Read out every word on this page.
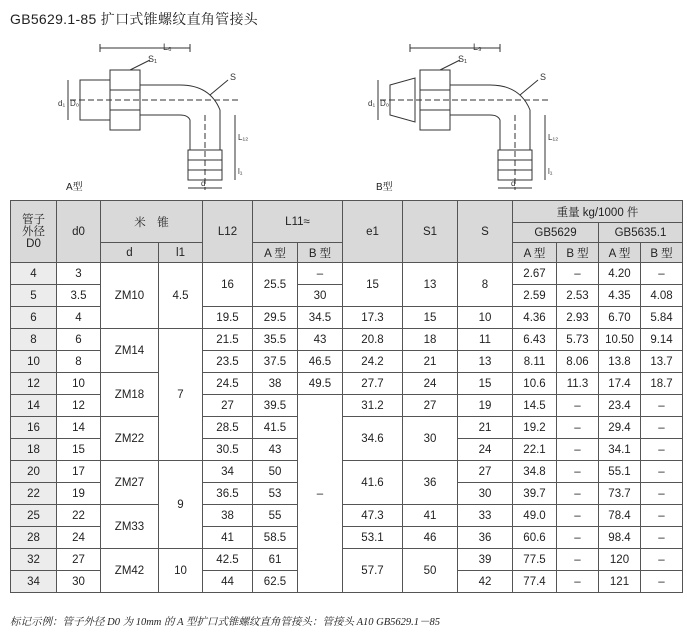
GB5629.1-85 扩口式锥螺纹直角管接头
L₆
S₁
S
d₁ D₀
L₁₂
l₁
d
A型
L₉
S₁
S
d₁ D₀
L₁₂
l₁
d
B型
管子外径D0	d0	米　锥		L12	L11≈		e1	S1	S	重量 kg/1000 件			
										GB5629		GB5635.1	
		d	l1		A 型	B 型				A 型	B 型	A 型	B 型
4	3	ZM10	4.5	16	25.5	–	15	13	8	2.67	–	4.20	–
5	3.5					30				2.59	2.53	4.35	4.08
6	4			19.5	29.5	34.5	17.3	15	10	4.36	2.93	6.70	5.84
8	6	ZM14	7	21.5	35.5	43	20.8	18	11	6.43	5.73	10.50	9.14
10	8			23.5	37.5	46.5	24.2	21	13	8.11	8.06	13.8	13.7
12	10	ZM18		24.5	38	49.5	27.7	24	15	10.6	11.3	17.4	18.7
14	12			27	39.5	–	31.2	27	19	14.5	–	23.4	–
16	14	ZM22		28.5	41.5		34.6	30	21	19.2	–	29.4	–
18	15			30.5	43				24	22.1	–	34.1	–
20	17	ZM27	9	34	50		41.6	36	27	34.8	–	55.1	–
22	19			36.5	53				30	39.7	–	73.7	–
25	22	ZM33		38	55		47.3	41	33	49.0	–	78.4	–
28	24			41	58.5		53.1	46	36	60.6	–	98.4	–
32	27	ZM42	10	42.5	61		57.7	50	39	77.5	–	120	–
34	30			44	62.5				42	77.4	–	121	–
标记示例：管子外径 D0 为 10mm 的 A 型扩口式锥螺纹直角管接头：管接头 A10 GB5629.1－85
